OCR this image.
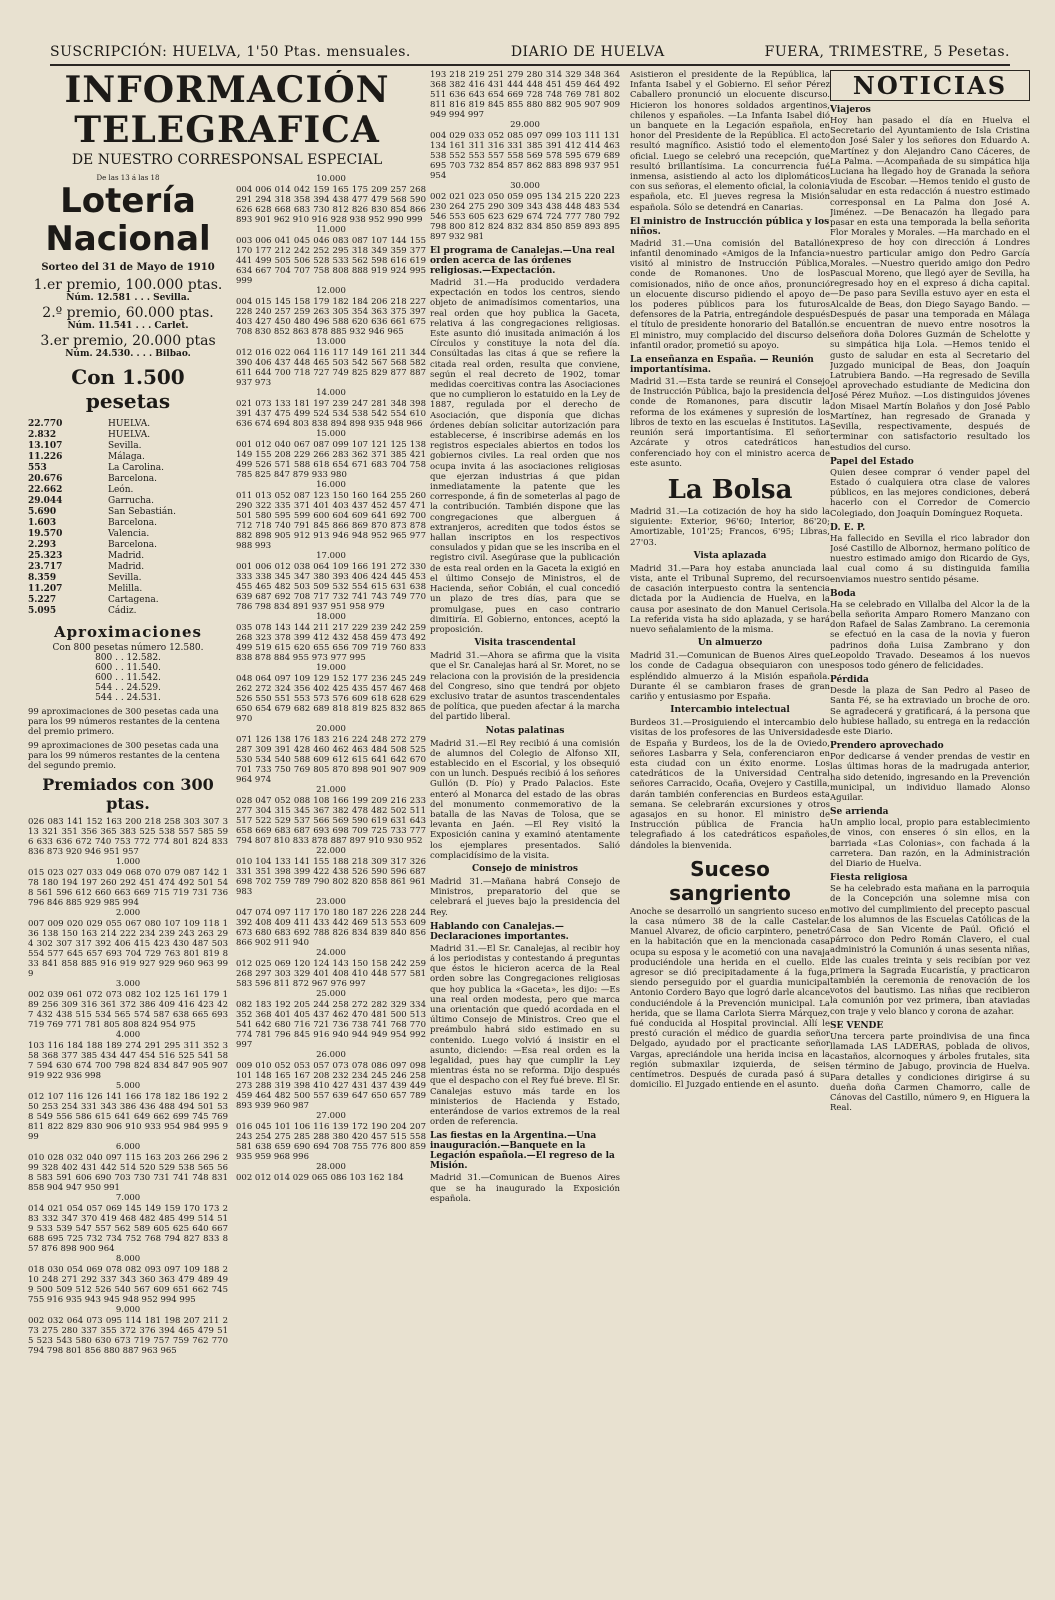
SUSCRIPCIÓN: HUELVA, 1'50 Ptas. mensuales.	DIARIO DE HUELVA	FUERA, TRIMESTRE, 5 Pesetas.
INFORMACIÓN TELEGRAFICA
DE NUESTRO CORRESPONSAL ESPECIAL
De las 13 á las 18
Lotería Nacional
Sorteo del 31 de Mayo de 1910
1.er premio, 100.000 ptas.
Núm. 12.581 . . . Sevilla.
2.º premio, 60.000 ptas.
Núm. 11.541 . . . Carlet.
3.er premio, 20.000 ptas
Núm. 24.530. . . . Bilbao.
Con 1.500 pesetas
22.770	HUELVA.
2.832	HUELVA.
13.107	Sevilla.
11.226	Málaga.
553	La Carolina.
20.676	Barcelona.
22.662	León.
29.044	Garrucha.
5.690	San Sebastián.
1.603	Barcelona.
19.570	Valencia.
2.293	Barcelona.
25.323	Madrid.
23.717	Madrid.
8.359	Sevilla.
11.207	Melilla.
5.227	Cartagena.
5.095	Cádiz.
Aproximaciones
Con 800 pesetas número 12.580.
800 . . 12.582.
600 . . 11.540.
600 . . 11.542.
544 . . 24.529.
544 . . 24.531.
99 aproximaciones de 300 pesetas cada una para los 99 números restantes de la centena del premio primero.
99 aproximaciones de 300 pesetas cada una para los 99 números restantes de la centena del segundo premio.
Premiados con 300 ptas.
026 083 141 152 163 200 218 258 303 307 313 321 351 356 365 383 525 538 557 585 596 633 636 672 740 753 772 774 801 824 833 836 873 920 946 951 957
1.000
015 023 027 033 049 068 070 079 087 142 178 180 194 197 260 292 451 474 492 501 548 561 596 612 660 663 669 715 719 731 736 796 846 885 929 985 994
2.000
007 009 020 029 055 067 080 107 109 118 136 138 150 163 214 222 234 239 243 263 294 302 307 317 392 406 415 423 430 487 503 554 577 645 657 693 704 729 763 801 819 833 841 858 885 916 919 927 929 960 963 999
3.000
002 039 061 072 073 082 102 125 161 179 189 256 309 316 361 372 386 409 416 423 427 432 438 515 534 565 574 587 638 665 693 719 769 771 781 805 808 824 954 975
4.000
103 116 184 188 189 274 291 295 311 352 358 368 377 385 434 447 454 516 525 541 587 594 630 674 700 798 824 834 847 905 907 919 922 936 998
5.000
012 107 116 126 141 166 178 182 186 192 250 253 254 331 343 386 436 488 494 501 538 549 556 586 615 641 649 662 699 745 769 811 822 829 830 906 910 933 954 984 995 999
6.000
010 028 032 040 097 115 163 203 266 296 299 328 402 431 442 514 520 529 538 565 568 583 591 606 690 703 730 731 741 748 831 858 904 947 950 991
7.000
014 021 054 057 069 145 149 159 170 173 283 332 347 370 419 468 482 485 499 514 519 533 539 547 557 562 589 605 625 640 667 688 695 725 732 734 752 768 794 827 833 857 876 898 900 964
8.000
018 030 054 069 078 082 093 097 109 188 210 248 271 292 337 343 360 363 479 489 499 500 509 512 526 540 567 609 651 662 745 755 916 935 943 945 948 952 994 995
9.000
002 032 064 073 095 114 181 198 207 211 273 275 280 337 355 372 376 394 465 479 515 523 543 580 630 673 719 757 759 762 770 794 798 801 856 880 887 963 965
10.000
004 006 014 042 159 165 175 209 257 268 291 294 318 358 394 438 477 479 568 590 626 628 668 683 730 812 826 830 854 866 893 901 962 910 916 928 938 952 990 999
11.000
003 006 041 045 046 083 087 107 144 155 170 177 212 242 252 295 318 349 359 377 441 499 505 506 528 533 562 598 616 619 634 667 704 707 758 808 888 919 924 995 999
12.000
004 015 145 158 179 182 184 206 218 227 228 240 257 259 263 305 354 363 375 397 403 427 450 480 496 588 620 636 661 675 708 830 852 863 878 885 932 946 965
13.000
012 016 022 064 116 117 149 161 211 344 390 406 437 448 465 503 542 567 568 582 611 644 700 718 727 749 825 829 877 887 937 973
14.000
021 073 133 181 197 239 247 281 348 398 391 437 475 499 524 534 538 542 554 610 636 674 694 803 838 894 898 935 948 966
15.000
001 012 040 067 087 099 107 121 125 138 149 155 208 229 266 283 362 371 385 421 499 526 571 588 618 654 671 683 704 758 785 825 847 879 933 980
16.000
011 013 052 087 123 150 160 164 255 260 290 322 335 371 401 403 437 452 457 471 501 580 595 599 600 604 609 641 692 700 712 718 740 791 845 866 869 870 873 878 882 898 905 912 913 946 948 952 965 977 988 993
17.000
001 006 012 038 064 109 166 191 272 330 333 338 345 347 380 393 406 424 445 453 455 465 482 503 509 532 554 615 631 638 639 687 692 708 717 732 741 743 749 770 786 798 834 891 937 951 958 979
18.000
035 078 143 144 211 217 229 239 242 259 268 323 378 399 412 432 458 459 473 492 499 519 615 620 655 656 709 719 760 833 838 878 884 955 973 977 995
19.000
048 064 097 109 129 152 177 236 245 249 262 272 324 356 402 425 435 457 467 468 526 550 551 553 573 576 609 618 628 629 650 654 679 682 689 818 819 825 832 865 970
20.000
071 126 138 176 183 216 224 248 272 279 287 309 391 428 460 462 463 484 508 525 530 534 540 588 609 612 615 641 642 670 701 733 750 769 805 870 898 901 907 909 964 974
21.000
028 047 052 088 108 166 199 209 216 233 277 304 315 345 367 382 478 482 502 511 517 522 529 537 566 569 590 619 631 643 658 669 683 687 693 698 709 725 733 777 794 807 810 833 878 887 897 910 930 952
22.000
010 104 133 141 155 188 218 309 317 326 331 351 398 399 422 438 526 590 596 687 698 702 759 789 790 802 820 858 861 961 983
23.000
047 074 097 117 170 180 187 226 228 244 392 408 409 411 433 442 469 513 553 609 673 680 683 692 788 826 834 839 840 856 866 902 911 940
24.000
012 025 069 120 124 143 150 158 242 259 268 297 303 329 401 408 410 448 577 581 583 596 811 872 967 976 997
25.000
082 183 192 205 244 258 272 282 329 334 352 368 401 405 437 462 470 481 500 513 541 642 680 716 721 736 738 741 768 770 774 781 796 845 916 940 944 949 954 992 997
26.000
009 010 052 053 057 073 078 086 097 098 101 148 165 167 208 232 234 245 246 258 273 288 319 398 410 427 431 437 439 449 459 464 482 500 557 639 647 650 657 789 893 939 960 987
27.000
016 045 101 106 116 139 172 190 204 207 243 254 275 285 288 380 420 457 515 558 581 638 659 690 694 708 755 776 800 859 935 959 968 996
28.000
002 012 014 029 065 086 103 162 184
193 218 219 251 279 280 314 329 348 364 368 382 416 431 444 448 451 459 464 492 511 636 643 654 669 728 748 769 781 802 811 816 819 845 855 880 882 905 907 909 949 994 997
29.000
004 029 033 052 085 097 099 103 111 131 134 161 311 316 331 385 391 412 414 463 538 552 553 557 558 569 578 595 679 689 695 703 732 854 857 862 883 898 937 951 954
30.000
002 021 023 050 059 095 134 215 220 223 230 264 275 290 309 343 438 448 483 534 546 553 605 623 629 674 724 777 780 792 798 800 812 824 832 834 850 859 893 895 897 932 981
El programa de Canalejas.—Una real orden acerca de las órdenes religiosas.—Expectación.
Madrid 31.—Ha producido verdadera expectación en todos los centros, siendo objeto de animadísimos comentarios, una real orden que hoy publica la Gaceta, relativa á las congregaciones religiosas. Este asunto dió inusitada animación á los Círculos y constituye la nota del día. Consúltadas las citas á que se refiere la citada real orden, resulta que conviene, según el real decreto de 1902, tomar medidas coercitivas contra las Asociaciones que no cumplieron lo estatuido en la Ley de 1887, regulada por el derecho de Asociación, que disponía que dichas órdenes debían solicitar autorización para establecerse, é inscribirse además en los registros especiales abiertos en todos los gobiernos civiles. La real orden que nos ocupa invita á las asociaciones religiosas que ejerzan industrias á que pidan inmediatamente la patente que les corresponde, á fin de someterlas al pago de la contribución. También dispone que las congregaciones que alberguen á extranjeros, acrediten que todos éstos se hallan inscriptos en los respectivos consulados y pidan que se les inscriba en el registro civil. Asegúrase que la publicación de esta real orden en la Gaceta la exigió en el último Consejo de Ministros, el de Hacienda, señor Cobián, el cual concedió un plazo de tres días, para que se promulgase, pues en caso contrario dimitiría. El Gobierno, entonces, aceptó la proposición.
Visita trascendental
Madrid 31.—Ahora se afirma que la visita que el Sr. Canalejas hará al Sr. Moret, no se relaciona con la provisión de la presidencia del Congreso, sino que tendrá por objeto exclusivo tratar de asuntos trascendentales de política, que pueden afectar á la marcha del partido liberal.
Notas palatinas
Madrid 31.—El Rey recibió á una comisión de alumnos del Colegio de Alfonso XII, establecido en el Escorial, y los obsequió con un lunch. Después recibió á los señores Gullón (D. Pío) y Prado Palacios. Este enteró al Monarca del estado de las obras del monumento conmemorativo de la batalla de las Navas de Tolosa, que se levanta en Jaén. —El Rey visitó la Exposición canina y examinó atentamente los ejemplares presentados. Salió complacidísimo de la visita.
Consejo de ministros
Madrid 31.—Mañana habrá Consejo de Ministros, preparatorio del que se celebrará el jueves bajo la presidencia del Rey.
Hablando con Canalejas.—Declaraciones importantes.
Madrid 31.—El Sr. Canalejas, al recibir hoy á los periodistas y contestando á preguntas que éstos le hicieron acerca de la Real orden sobre las Congregaciones religiosas que hoy publica la «Gaceta», les dijo: —Es una real orden modesta, pero que marca una orientación que quedó acordada en el último Consejo de Ministros. Creo que el preámbulo habrá sido estimado en su contenido. Luego volvió á insistir en el asunto, diciendo: —Esa real orden es la legalidad, pues hay que cumplir la Ley mientras ésta no se reforma. Dijo después que el despacho con el Rey fué breve. El Sr. Canalejas estuvo más tarde en los ministerios de Hacienda y Estado, enterándose de varios extremos de la real orden de referencia.
Las fiestas en la Argentina.—Una inauguración.—Banquete en la Legación española.—El regreso de la Misión.
Madrid 31.—Comunican de Buenos Aires que se ha inaugurado la Exposición española.
Asistieron el presidente de la República, la Infanta Isabel y el Gobierno. El señor Pérez Caballero pronunció un elocuente discurso. Hicieron los honores soldados argentinos, chilenos y españoles. —La Infanta Isabel dió un banquete en la Legación española, en honor del Presidente de la República. El acto resultó magnífico. Asistió todo el elemento oficial. Luego se celebró una recepción, que resultó brillantísima. La concurrencia fué inmensa, asistiendo al acto los diplomáticos con sus señoras, el elemento oficial, la colonia española, etc. El jueves regresa la Misión española. Sólo se detendrá en Canarias.
El ministro de Instrucción pública y los niños.
Madrid 31.—Una comisión del Batallón infantil denominado «Amigos de la Infancia» visitó al ministro de Instrucción Pública, conde de Romanones. Uno de los comisionados, niño de once años, pronunció un elocuente discurso pidiendo el apoyo de los poderes públicos para los futuros defensores de la Patria, entregándole después el título de presidente honorario del Batallón. El ministro, muy complacido del discurso del infantil orador, prometió su apoyo.
La enseñanza en España. — Reunión importantísima.
Madrid 31.—Esta tarde se reunirá el Consejo de Instrucción Pública, bajo la presidencia del conde de Romanones, para discutir la reforma de los exámenes y supresión de los libros de texto en las escuelas é Institutos. La reunión será importantísima. El señor Azcárate y otros catedráticos han conferenciado hoy con el ministro acerca de este asunto.
La Bolsa
Madrid 31.—La cotización de hoy ha sido la siguiente: Exterior, 96'60; Interior, 86'20; Amortizable, 101'25; Francos, 6'95; Libras, 27'03.
Vista aplazada
Madrid 31.—Para hoy estaba anunciada la vista, ante el Tribunal Supremo, del recurso de casación interpuesto contra la sentencia dictada por la Audiencia de Huelva, en la causa por asesinato de don Manuel Cerisola. La referida vista ha sido aplazada, y se hará nuevo señalamiento de la misma.
Un almuerzo
Madrid 31.—Comunican de Buenos Aires que los conde de Cadagua obsequiaron con un espléndido almuerzo á la Misión española. Durante él se cambiaron frases de gran cariño y entusiasmo por España.
Intercambio intelectual
Burdeos 31.—Prosiguiendo el intercambio de visitas de los profesores de las Universidades de España y Burdeos, los de la de Oviedo, señores Lasbarra y Sela, conferenciaron en esta ciudad con un éxito enorme. Los catedráticos de la Universidad Central señores Carracido, Ocaña, Ovejero y Castilla, darán también conferencias en Burdeos esta semana. Se celebrarán excursiones y otros agasajos en su honor. El ministro de Instrucción pública de Francia ha telegrafiado á los catedráticos españoles, dándoles la bienvenida.
Suceso sangriento
Anoche se desarrolló un sangriento suceso en la casa número 38 de la calle Castelar. Manuel Alvarez, de oficio carpintero, penetró en la habitación que en la mencionada casa ocupa su esposa y le acometió con una navaja produciéndole una herida en el cuello. El agresor se dió precipitadamente á la fuga, siendo perseguido por el guardia municipal Antonio Cordero Bayo que logró darle alcance conduciéndole á la Prevención municipal. La herida, que se llama Carlota Sierra Márquez, fué conducida al Hospital provincial. Allí le prestó curación el médico de guardia señor Delgado, ayudado por el practicante señor Vargas, apreciándole una herida incisa en la región submaxilar izquierda, de seis centímetros. Después de curada pasó á su domicilio. El Juzgado entiende en el asunto.
NOTICIAS
Viajeros
Hoy han pasado el día en Huelva el Secretario del Ayuntamiento de Isla Cristina don José Saler y los señores don Eduardo A. Martínez y don Alejandro Cano Cáceres, de La Palma. —Acompañada de su simpática hija Luciana ha llegado hoy de Granada la señora viuda de Escobar. —Hemos tenido el gusto de saludar en esta redacción á nuestro estimado corresponsal en La Palma don José A. Jiménez. —De Benacazón ha llegado para pasar en esta una temporada la bella señorita Flor Morales y Morales. —Ha marchado en el expreso de hoy con dirección á Londres nuestro particular amigo don Pedro García Morales. —Nuestro querido amigo don Pedro Pascual Moreno, que llegó ayer de Sevilla, ha regresado hoy en el expreso á dicha capital. —De paso para Sevilla estuvo ayer en esta el Alcalde de Beas, don Diego Sayago Bando. —Después de pasar una temporada en Málaga se encuentran de nuevo entre nosotros la señora doña Dolores Guzmán de Schelotte y su simpática hija Lola. —Hemos tenido el gusto de saludar en esta al Secretario del Juzgado municipal de Beas, don Joaquín Latrubiera Bando. —Ha regresado de Sevilla el aprovechado estudiante de Medicina don José Pérez Muñoz. —Los distinguidos jóvenes don Misael Martín Bolaños y don José Pablo Martínez, han regresado de Granada y Sevilla, respectivamente, después de terminar con satisfactorio resultado los estudios del curso.
Papel del Estado
Quien desee comprar ó vender papel del Estado ó cualquiera otra clase de valores públicos, en las mejores condiciones, deberá hacerlo con el Corredor de Comercio Colegiado, don Joaquín Domínguez Roqueta.
D. E. P.
Ha fallecido en Sevilla el rico labrador don José Castillo de Albornoz, hermano político de nuestro estimado amigo don Ricardo de Gys, al cual como á su distinguida familia enviamos nuestro sentido pésame.
Boda
Ha se celebrado en Villalba del Alcor la de la bella señorita Amparo Romero Manzano con don Rafael de Salas Zambrano. La ceremonia se efectuó en la casa de la novia y fueron padrinos doña Luisa Zambrano y don Leopoldo Travado. Deseamos á los nuevos esposos todo género de felicidades.
Pérdida
Desde la plaza de San Pedro al Paseo de Santa Fé, se ha extraviado un broche de oro. Se agradecerá y gratificará, á la persona que lo hubiese hallado, su entrega en la redacción de este Diario.
Prendero aprovechado
Por dedicarse á vender prendas de vestir en las últimas horas de la madrugada anterior, ha sido detenido, ingresando en la Prevención municipal, un individuo llamado Alonso Aguilar.
Se arrienda
Un amplio local, propio para establecimiento de vinos, con enseres ó sin ellos, en la barriada «Las Colonias», con fachada á la carretera. Dan razón, en la Administración del Diario de Huelva.
Fiesta religiosa
Se ha celebrado esta mañana en la parroquia de la Concepción una solemne misa con motivo del cumplimiento del precepto pascual de los alumnos de las Escuelas Católicas de la Casa de San Vicente de Paúl. Ofició el párroco don Pedro Román Clavero, el cual administró la Comunión á unas sesenta niñas, de las cuales treinta y seis recibían por vez primera la Sagrada Eucaristía, y practicaron también la ceremonia de renovación de los votos del bautismo. Las niñas que recibieron la comunión por vez primera, iban ataviadas con traje y velo blanco y corona de azahar.
SE VENDE
Una tercera parte proindivisa de una finca llamada LAS LADERAS, poblada de olivos, castaños, alcornoques y árboles frutales, sita en término de Jabugo, provincia de Huelva. Para detalles y condiciones dirigirse á su dueña doña Carmen Chamorro, calle de Cánovas del Castillo, número 9, en Higuera la Real.
